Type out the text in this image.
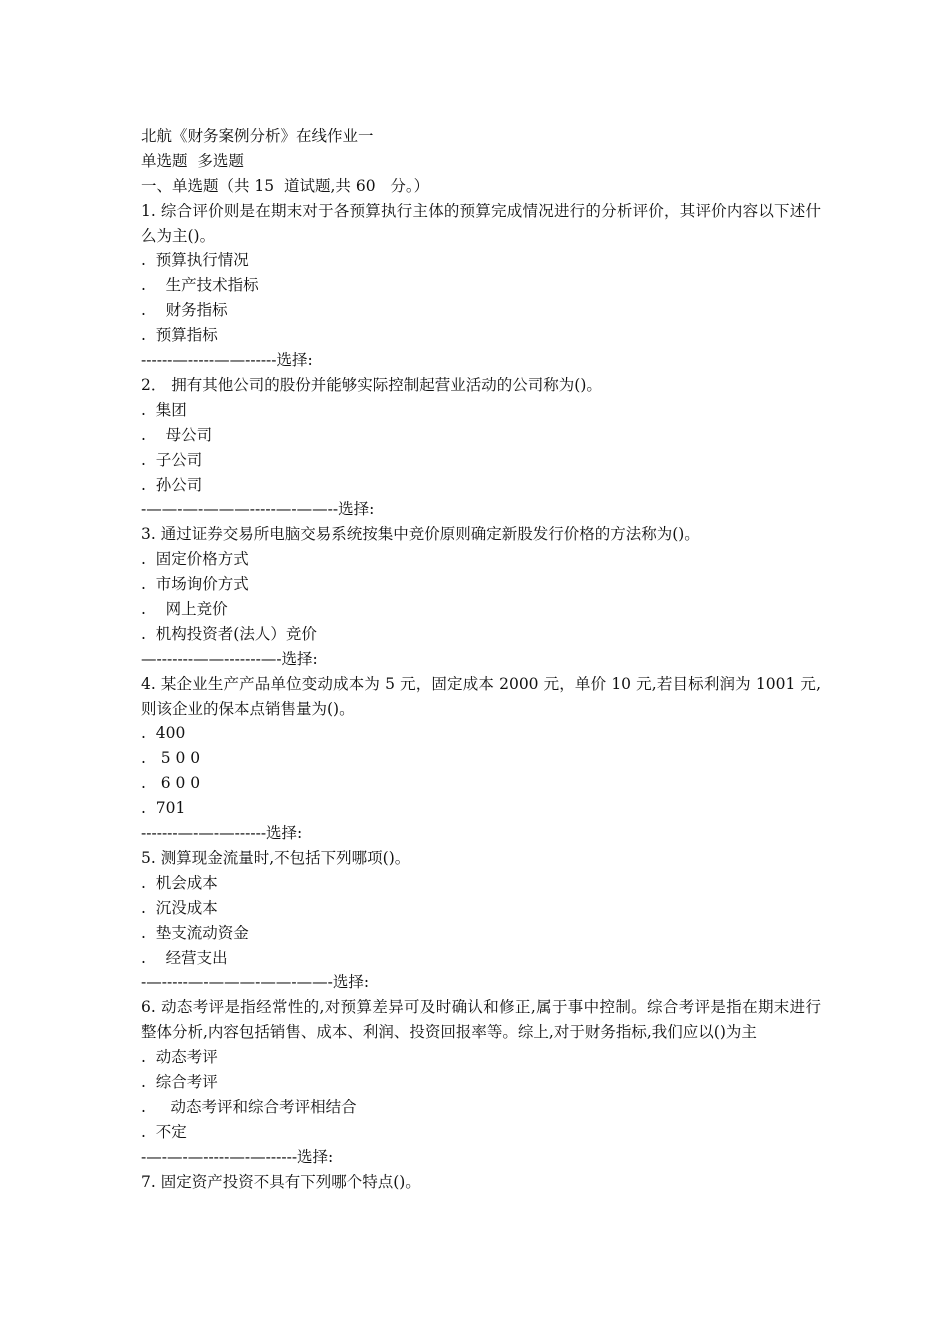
北航《财务案例分析》在线作业一
单选题  多选题
一、单选题（共 15  道试题,共 60   分。）
1. 综合评价则是在期末对于各预算执行主体的预算完成情况进行的分析评价，其评价内容以下述什么为主()。
.  预算执行情况
.    生产技术指标
.    财务指标
.  预算指标
------—-----——------选择:
2． 拥有其他公司的股份并能够实际控制起营业活动的公司称为()。
.  集团
.    母公司
.  子公司
.  孙公司
-——-—-———-----—-——--选择:
3. 通过证券交易所电脑交易系统按集中竞价原则确定新股发行价格的方法称为()。
.  固定价格方式
.  市场询价方式
.    网上竞价
.  机构投资者(法人）竞价
—-------——-------—-选择:
4. 某企业生产产品单位变动成本为 5 元，固定成本 2000 元，单价 10 元,若目标利润为 1001 元,则该企业的保本点销售量为()。
.  400
.   5 0 0
.   6 0 0
.  701
-------—-—-—------选择:
5. 测算现金流量时,不包括下列哪项()。
.  机会成本
.  沉没成本
.  垫支流动资金
.    经营支出
-—-----—-———-——-——-选择:
6. 动态考评是指经常性的,对预算差异可及时确认和修正,属于事中控制。综合考评是指在期末进行整体分析,内容包括销售、成本、利润、投资回报率等。综上,对于财务指标,我们应以()为主
.  动态考评
.  综合考评
.     动态考评和综合考评相结合
.  不定
-—-—-—-----—-—------选择:
7. 固定资产投资不具有下列哪个特点()。
